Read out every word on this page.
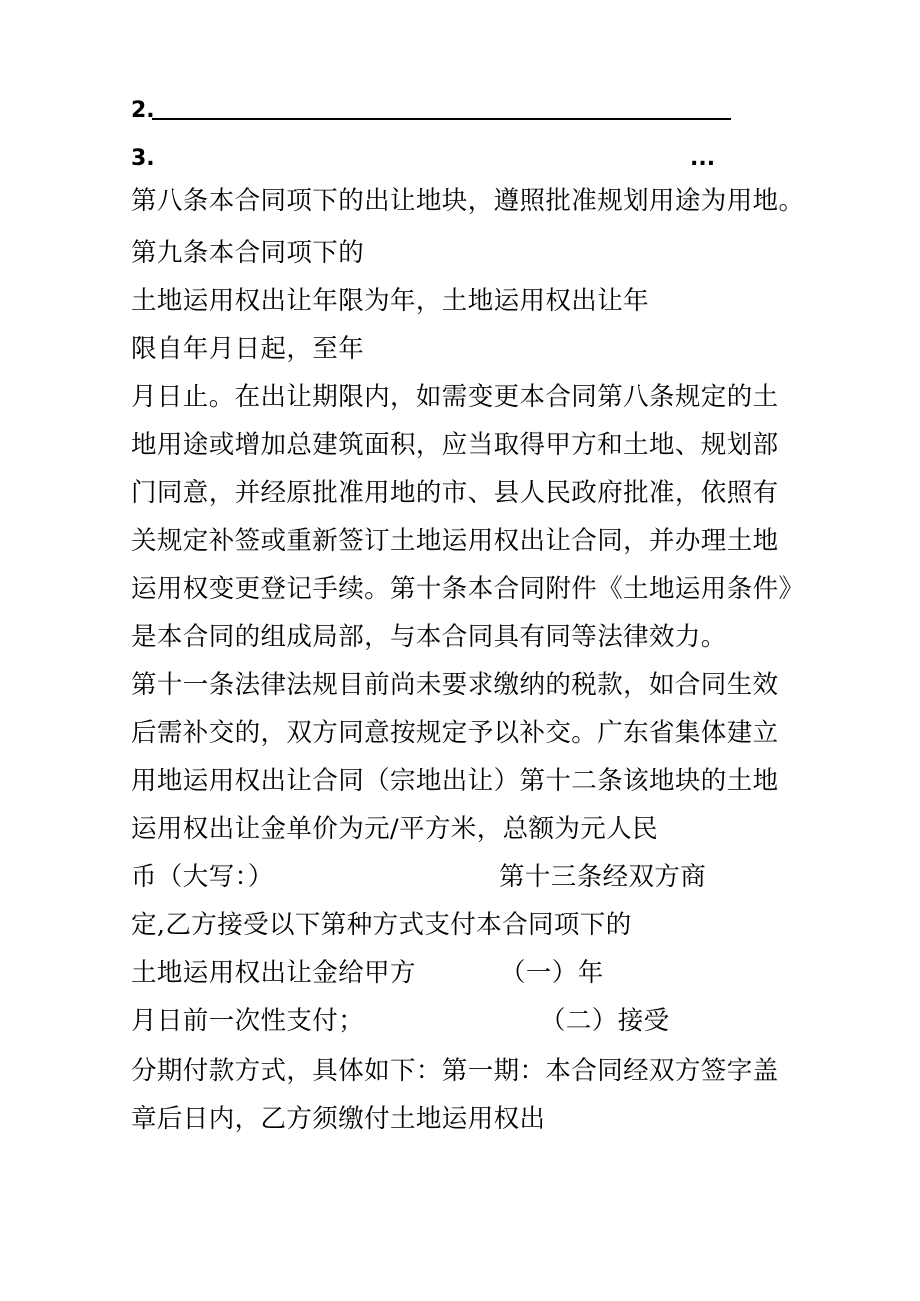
2.
3.	...
第八条本合同项下的出让地块，遵照批准规划用途为用地。
第九条本合同项下的
土地运用权出让年限为年，土地运用权出让年
限自年月日起，至年
月日止。在出让期限内，如需变更本合同第八条规定的土
地用途或增加总建筑面积，应当取得甲方和土地、规划部
门同意，并经原批准用地的市、县人民政府批准，依照有
关规定补签或重新签订土地运用权出让合同，并办理土地
运用权变更登记手续。第十条本合同附件《土地运用条件》
是本合同的组成局部，与本合同具有同等法律效力。
第十一条法律法规目前尚未要求缴纳的税款，如合同生效
后需补交的，双方同意按规定予以补交。广东省集体建立
用地运用权出让合同（宗地出让）第十二条该地块的土地
运用权出让金单价为元/平方米，总额为元人民
币（大写：）	第十三条经双方商
定,乙方接受以下第种方式支付本合同项下的
土地运用权出让金给甲方	（一）年
月日前一次性支付；	（二）接受
分期付款方式，具体如下：第一期：本合同经双方签字盖
章后日内，乙方须缴付土地运用权出
